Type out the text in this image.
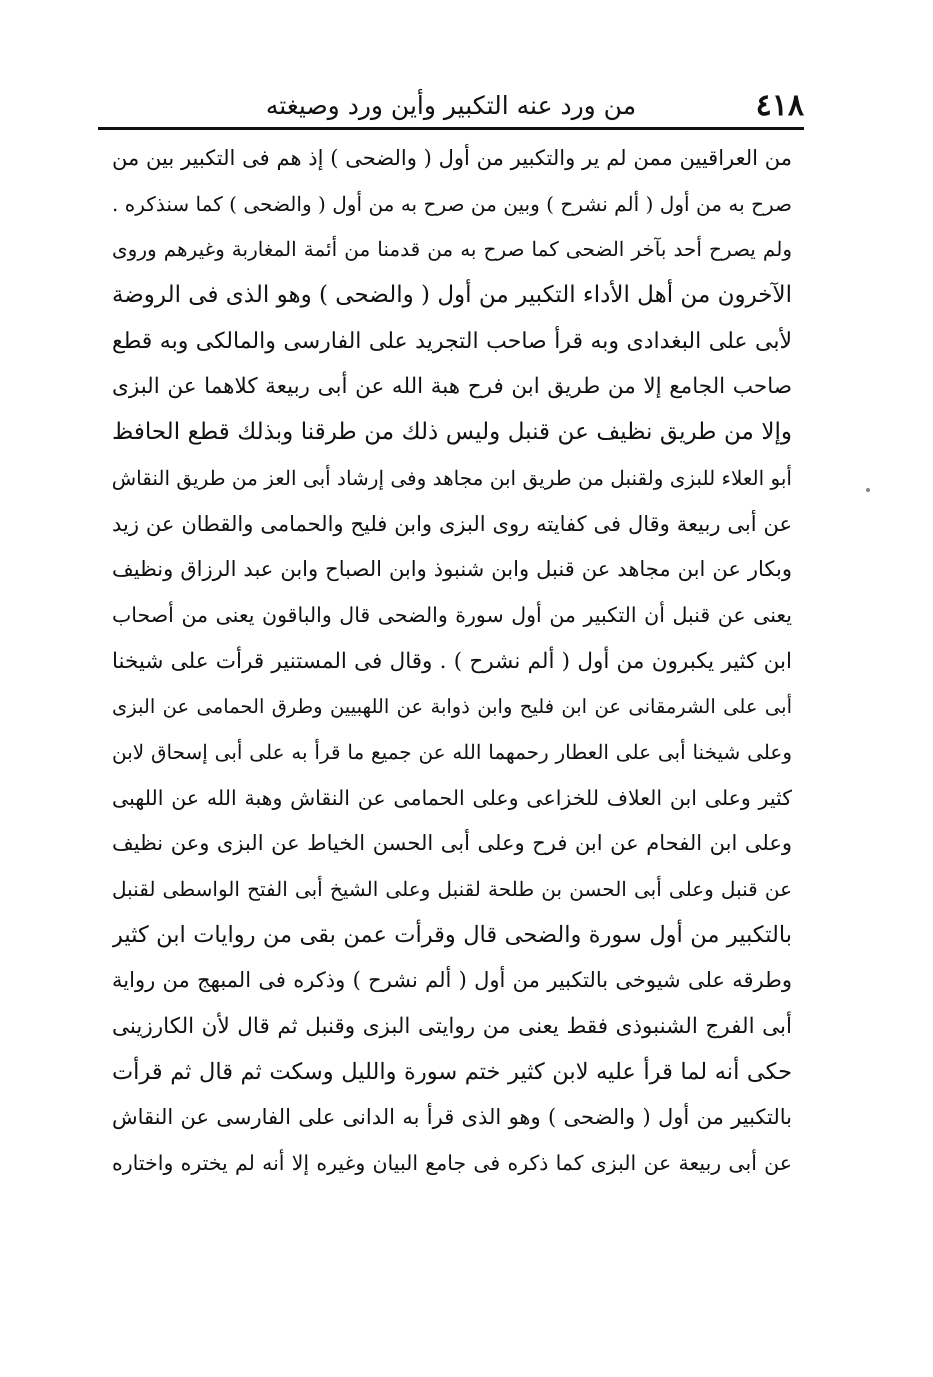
٤١٨
من ورد عنه التكبير وأين ورد وصيغته
من العراقيين ممن لم ير والتكبير من أول ( والضحى ) إذ هم فى التكبير بين من
صرح به من أول ( ألم نشرح ) وبين من صرح به من أول ( والضحى ) كما سنذكره .
ولم يصرح أحد بآخر الضحى كما صرح به من قدمنا من أئمة المغاربة وغيرهم وروى
الآخرون من أهل الأداء التكبير من أول ( والضحى ) وهو الذى فى الروضة
لأبى على البغدادى وبه قرأ صاحب التجريد على الفارسى والمالكى وبه قطع
صاحب الجامع إلا من طريق ابن فرح هبة الله عن أبى ربيعة كلاهما عن البزى
وإلا من طريق نظيف عن قنبل وليس ذلك من طرقنا وبذلك قطع الحافظ
أبو العلاء للبزى ولقنبل من طريق ابن مجاهد وفى إرشاد أبى العز من طريق النقاش
عن أبى ربيعة وقال فى كفايته روى البزى وابن فليح والحمامى والقطان عن زيد
وبكار عن ابن مجاهد عن قنبل وابن شنبوذ وابن الصباح وابن عبد الرزاق ونظيف
يعنى عن قنبل أن التكبير من أول سورة والضحى قال والباقون يعنى من أصحاب
ابن كثير يكبرون من أول ( ألم نشرح ) . وقال فى المستنير قرأت على شيخنا
أبى على الشرمقانى عن ابن فليح وابن ذوابة عن اللهبيين وطرق الحمامى عن البزى
وعلى شيخنا أبى على العطار رحمهما الله عن جميع ما قرأ به على أبى إسحاق لابن
كثير وعلى ابن العلاف للخزاعى وعلى الحمامى عن النقاش وهبة الله عن اللهبى
وعلى ابن الفحام عن ابن فرح وعلى أبى الحسن الخياط عن البزى وعن نظيف
عن قنبل وعلى أبى الحسن بن طلحة لقنبل وعلى الشيخ أبى الفتح الواسطى لقنبل
بالتكبير من أول سورة والضحى قال وقرأت عمن بقى من روايات ابن كثير
وطرقه على شيوخى بالتكبير من أول ( ألم نشرح ) وذكره فى المبهج من رواية
أبى الفرج الشنبوذى فقط يعنى من روايتى البزى وقنبل ثم قال لأن الكارزينى
حكى أنه لما قرأ عليه لابن كثير ختم سورة والليل وسكت ثم قال ثم قرأت
بالتكبير من أول ( والضحى ) وهو الذى قرأ به الدانى على الفارسى عن النقاش
عن أبى ربيعة عن البزى كما ذكره فى جامع البيان وغيره إلا أنه لم يختره واختاره
